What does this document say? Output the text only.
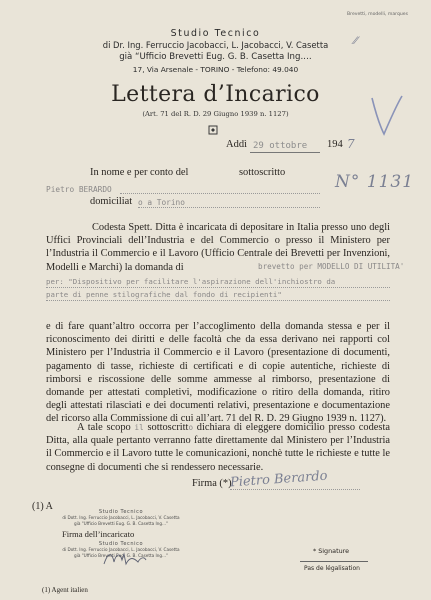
Brevetti, modelli, marques
Studio Tecnico
di Dr. Ing. Ferruccio Jacobacci, L. Jacobacci, V. Casetta
già “Ufficio Brevetti Eug. G. B. Casetta Ing.…
17, Via Arsenale - TORINO - Telefono: 49.040
⁄⁄
Lettera d’Incarico
(Art. 71 del R. D. 29 Giugno 1939 n. 1127)
Addì 29 ottobre 194 7
In nome e per conto del	sottoscritto
Pietro BERARDO
domiciliat o a Torino
N° 1131
Codesta Spett. Ditta è incaricata di depositare in Italia presso uno degli Uffici Provinciali dell’Industria e del Commercio o presso il Ministero per l’Industria il Commercio e il Lavoro (Ufficio Centrale dei Brevetti per Invenzioni, Modelli e Marchi) la domanda di	brevetto per MODELLO DI UTILITA'
per: "Dispositivo per facilitare l'aspirazione dell'inchiostro da
parte di penne stilografiche dal fondo di recipienti"
e di fare quant’altro occorra per l’accoglimento della domanda stessa e per il riconoscimento dei diritti e delle facoltà che da essa derivano nei rapporti col Ministero per l’Industria il Commercio e il Lavoro (presentazione di documenti, pagamento di tasse, richieste di certificati e di copie autentiche, richieste di rimborsi e riscossione delle somme ammesse al rimborso, presentazione di domande per attestati completivi, modificazione o ritiro della domanda, ritiro degli attestati rilasciati e dei documenti relativi, presentazione e documentazione del ricorso alla Commissione di cui all’art. 71 del R. D. 29 Giugno 1939 n. 1127).
A tale scopo il sottoscritto dichiara di eleggere domicilio presso codesta Ditta, alla quale pertanto verranno fatte direttamente dal Ministero per l’Industria il Commercio e il Lavoro tutte le comunicazioni, nonchè tutte le richieste e tutte le consegne di documenti che si rendessero necessarie.
Firma (*)
Pietro Berardo
(1) A	Studio Tecnico
di Dott. Ing. Ferruccio Jacobacci, L. Jacobacci, V. Casetta
già "Ufficio Brevetti Eug. G. B. Casetta Ing..."
Firma dell’incaricato
Studio Tecnico
di Dott. Ing. Ferruccio Jacobacci, L. Jacobacci, V. Casetta
già "Ufficio Brevetti Eug. G. B. Casetta Ing..."
* Signature
Pas de légalisation
(1) Agent italien
